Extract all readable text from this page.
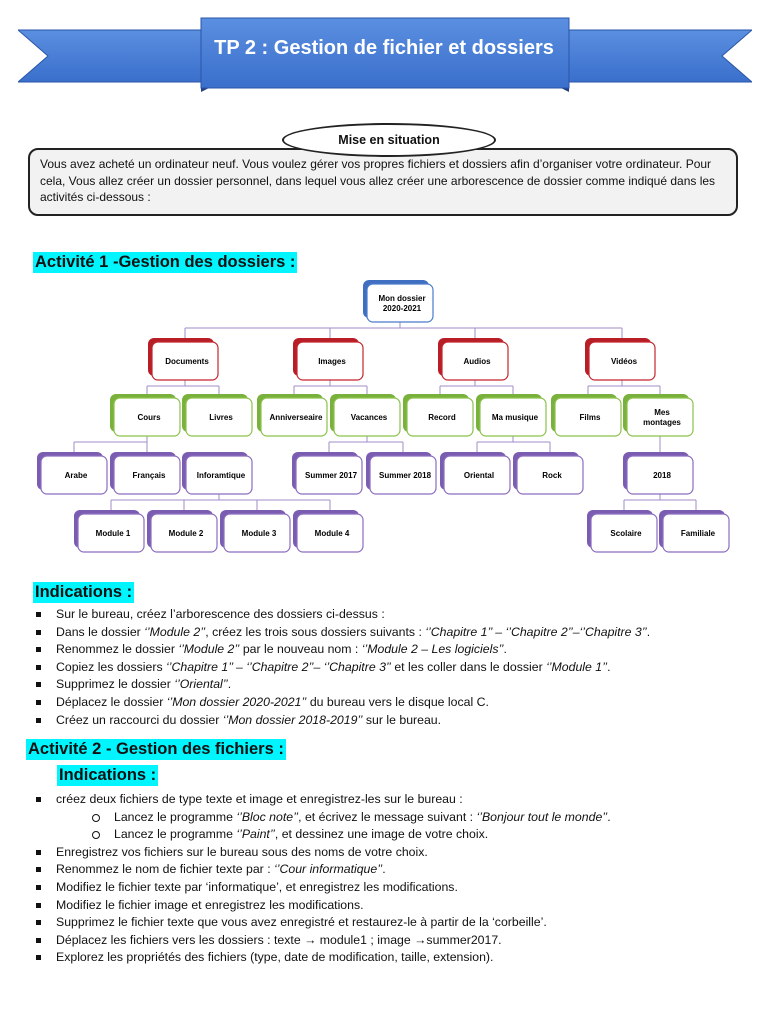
TP 2 : Gestion de fichier et dossiers
Mise en situation
Vous avez acheté un ordinateur neuf. Vous voulez gérer vos propres fichiers et dossiers afin d’organiser votre ordinateur. Pour cela, Vous allez créer un dossier personnel, dans lequel vous allez créer une arborescence de dossier comme indiqué dans les activités ci-dessous :
Activité 1 -Gestion des dossiers :
Mon dossier
2020-2021
Documents	Images	Audios	Vidéos
Cours	Livres	Anniverseaire	Vacances	Record	Ma musique	Films
Mes
montages
Arabe	Français	Inforamtique	Summer 2017	Summer 2018	Oriental	Rock	2018
Module 1	Module 2	Module 3	Module 4	Scolaire	Familiale
Indications :
Sur le bureau, créez l’arborescence des dossiers ci-dessus :
Dans le dossier ‘’Module 2’’, créez les trois sous dossiers suivants : ‘’Chapitre 1’’ – ‘’Chapitre 2’’–‘’Chapitre 3’’.
Renommez le dossier ‘’Module 2’’ par le nouveau nom : ‘’Module 2 – Les logiciels’’.
Copiez les dossiers ‘’Chapitre 1’’ – ‘’Chapitre 2’’– ‘’Chapitre 3’’ et les coller dans le dossier ‘’Module 1’’.
Supprimez le dossier ‘’Oriental’’.
Déplacez le dossier ‘’Mon dossier 2020-2021’’ du bureau vers le disque local C.
Créez un raccourci du dossier ‘’Mon dossier 2018-2019’’ sur le bureau.
Activité 2 - Gestion des fichiers :
Indications :
créez deux fichiers de type texte et image et enregistrez-les sur le bureau :
Lancez le programme ‘’Bloc note’’, et écrivez le message suivant : ‘’Bonjour tout le monde’’.
Lancez le programme ‘’Paint’’, et dessinez une image de votre choix.
Enregistrez vos fichiers sur le bureau sous des noms de votre choix.
Renommez le nom de fichier texte par : ‘’Cour informatique’’.
Modifiez le fichier texte par ‘informatique’, et enregistrez les modifications.
Modifiez le fichier image et enregistrez les modifications.
Supprimez le fichier texte que vous avez enregistré et restaurez-le à partir de la ‘corbeille’.
Déplacez les fichiers vers les dossiers : texte → module1 ; image →summer2017.
Explorez les propriétés des fichiers (type, date de modification, taille, extension).
